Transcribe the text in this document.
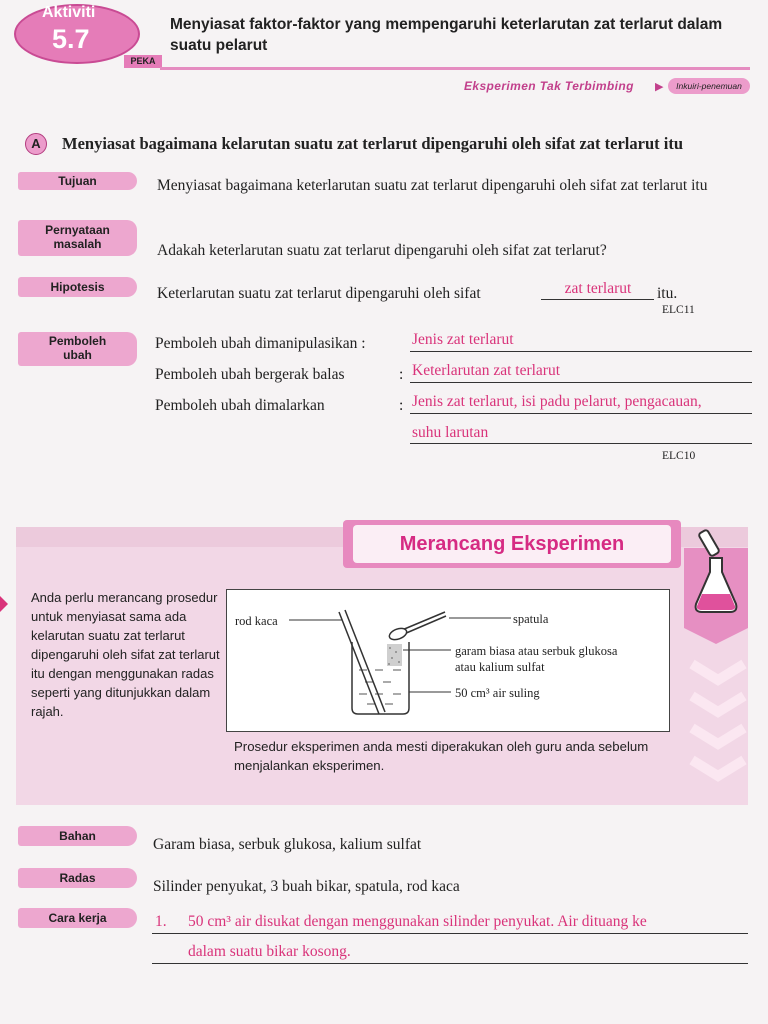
Aktiviti
5.7
PEKA
Menyiasat faktor-faktor yang mempengaruhi keterlarutan zat terlarut dalam suatu pelarut
Eksperimen Tak Terbimbing ▶	Inkuiri-penemuan
A	Menyiasat bagaimana kelarutan suatu zat terlarut dipengaruhi oleh sifat zat terlarut itu
Tujuan	Menyiasat bagaimana keterlarutan suatu zat terlarut dipengaruhi oleh sifat zat terlarut itu
Pernyataan
masalah	Adakah keterlarutan suatu zat terlarut dipengaruhi oleh sifat zat terlarut?
Hipotesis	Keterlarutan suatu zat terlarut dipengaruhi oleh sifat	zat terlarut	itu.
ELC11
Pemboleh
ubah
Pemboleh ubah dimanipulasikan :	Jenis zat terlarut
Pemboleh ubah bergerak balas	: Keterlarutan zat terlarut
Pemboleh ubah dimalarkan	: Jenis zat terlarut, isi padu pelarut, pengacauan,
suhu larutan
ELC10
Merancang Eksperimen
Anda perlu merancang prosedur untuk menyiasat sama ada kelarutan suatu zat terlarut dipengaruhi oleh sifat zat terlarut itu dengan menggunakan radas seperti yang ditunjukkan dalam rajah.
rod kaca	spatula
garam biasa atau serbuk glukosa
atau kalium sulfat
50 cm³ air suling
Prosedur eksperimen anda mesti diperakukan oleh guru anda sebelum menjalankan eksperimen.
Bahan	Garam biasa, serbuk glukosa, kalium sulfat
Radas	Silinder penyukat, 3 buah bikar, spatula, rod kaca
Cara kerja	1. 50 cm³ air disukat dengan menggunakan silinder penyukat. Air dituang ke
dalam suatu bikar kosong.
